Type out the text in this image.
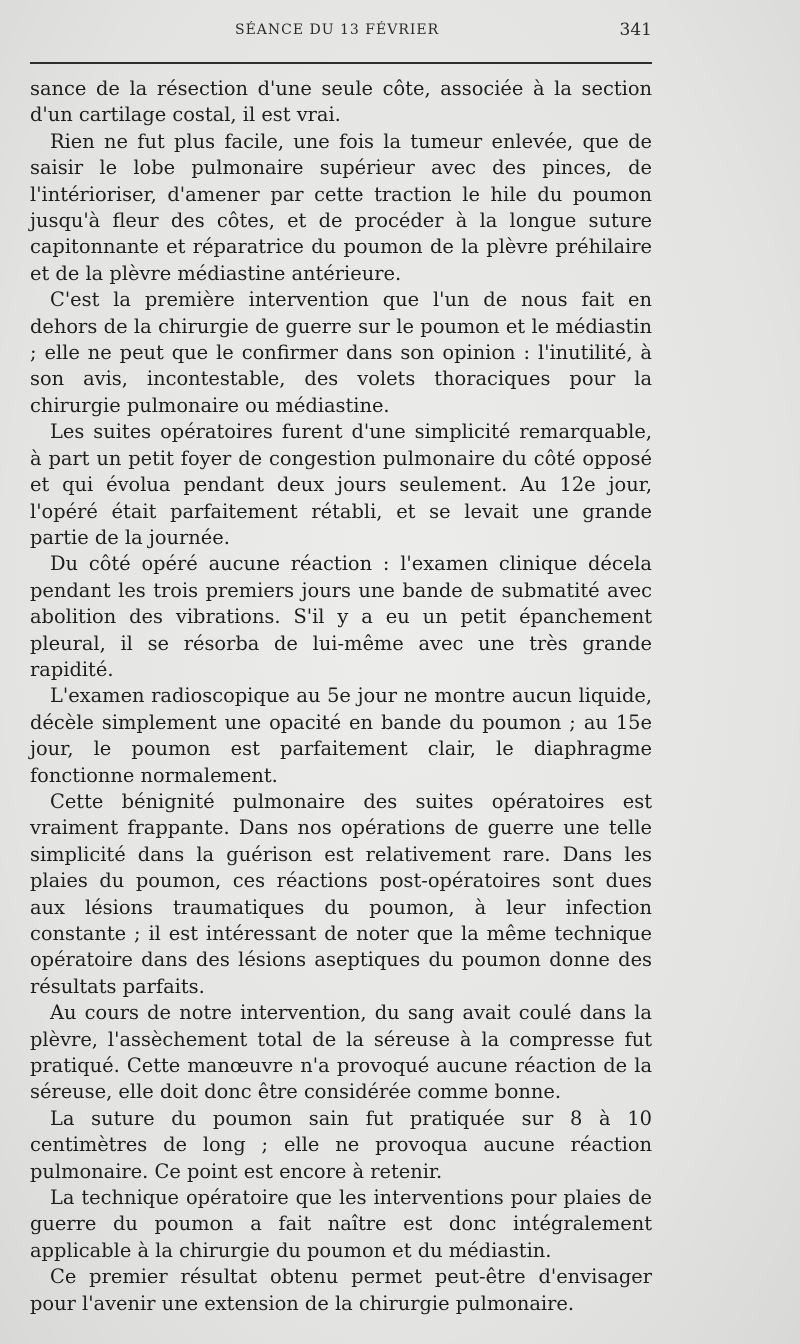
SÉANCE DU 13 FÉVRIER	341

sance de la résection d'une seule côte, associée à la section d'un cartilage costal, il est vrai.

Rien ne fut plus facile, une fois la tumeur enlevée, que de saisir le lobe pulmonaire supérieur avec des pinces, de l'intérioriser, d'amener par cette traction le hile du poumon jusqu'à fleur des côtes, et de procéder à la longue suture capitonnante et réparatrice du poumon de la plèvre préhilaire et de la plèvre médiastine antérieure.

C'est la première intervention que l'un de nous fait en dehors de la chirurgie de guerre sur le poumon et le médiastin ; elle ne peut que le confirmer dans son opinion : l'inutilité, à son avis, incontestable, des volets thoraciques pour la chirurgie pulmonaire ou médiastine.

Les suites opératoires furent d'une simplicité remarquable, à part un petit foyer de congestion pulmonaire du côté opposé et qui évolua pendant deux jours seulement. Au 12e jour, l'opéré était parfaitement rétabli, et se levait une grande partie de la journée.

Du côté opéré aucune réaction : l'examen clinique décela pendant les trois premiers jours une bande de submatité avec abolition des vibrations. S'il y a eu un petit épanchement pleural, il se résorba de lui-même avec une très grande rapidité.

L'examen radioscopique au 5e jour ne montre aucun liquide, décèle simplement une opacité en bande du poumon ; au 15e jour, le poumon est parfaitement clair, le diaphragme fonctionne normalement.

Cette bénignité pulmonaire des suites opératoires est vraiment frappante. Dans nos opérations de guerre une telle simplicité dans la guérison est relativement rare. Dans les plaies du poumon, ces réactions post-opératoires sont dues aux lésions traumatiques du poumon, à leur infection constante ; il est intéressant de noter que la même technique opératoire dans des lésions aseptiques du poumon donne des résultats parfaits.

Au cours de notre intervention, du sang avait coulé dans la plèvre, l'assèchement total de la séreuse à la compresse fut pratiqué. Cette manœuvre n'a provoqué aucune réaction de la séreuse, elle doit donc être considérée comme bonne.

La suture du poumon sain fut pratiquée sur 8 à 10 centimètres de long ; elle ne provoqua aucune réaction pulmonaire. Ce point est encore à retenir.

La technique opératoire que les interventions pour plaies de guerre du poumon a fait naître est donc intégralement applicable à la chirurgie du poumon et du médiastin.

Ce premier résultat obtenu permet peut-être d'envisager pour l'avenir une extension de la chirurgie pulmonaire.
